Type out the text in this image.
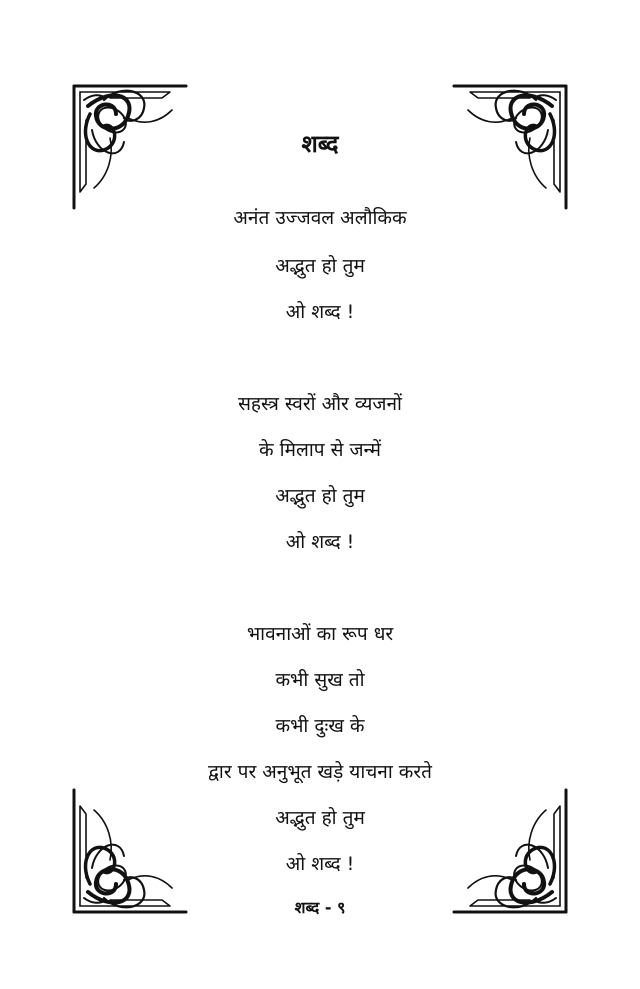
शब्द
अनंत उज्जवल अलौकिक
अद्भुत हो तुम
ओ शब्द !
सहस्त्र स्वरों और व्यजनों
के मिलाप से जन्में
अद्भुत हो तुम
ओ शब्द !
भावनाओं का रूप धर
कभी सुख तो
कभी दुःख के
द्वार पर अनुभूत खड़े याचना करते
अद्भुत हो तुम
ओ शब्द !
शब्द - ९
